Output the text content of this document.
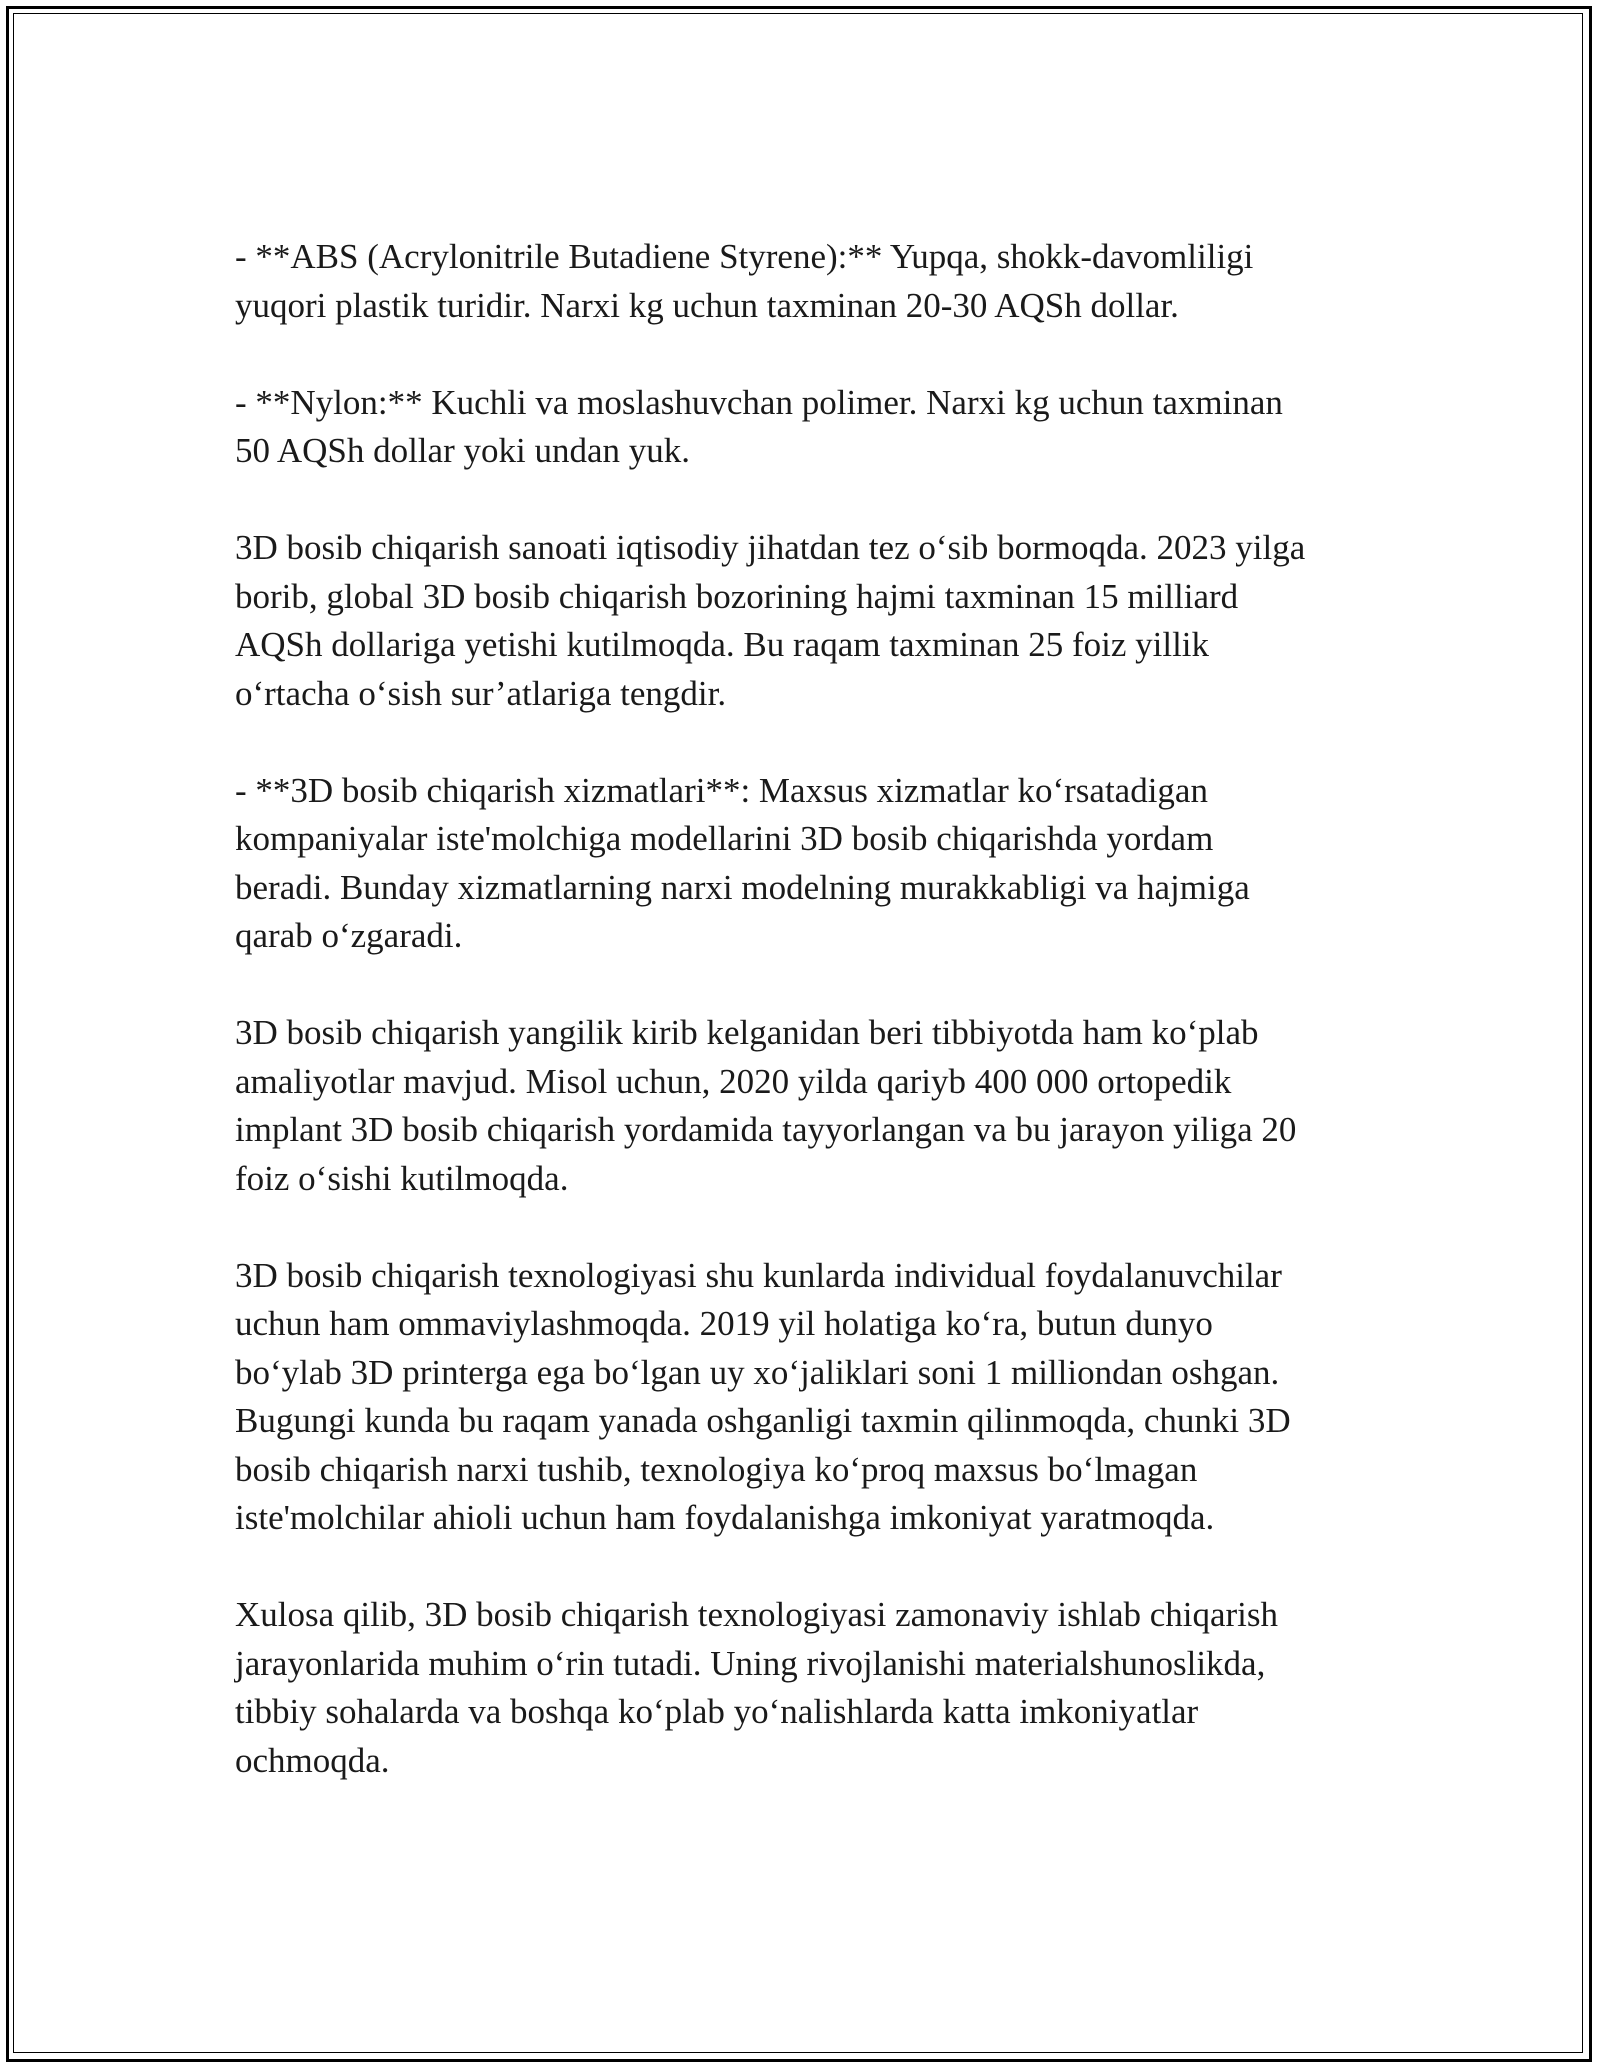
- **ABS (Acrylonitrile Butadiene Styrene):** Yupqa, shokk-davomliligi
yuqori plastik turidir. Narxi kg uchun taxminan 20-30 AQSh dollar.

- **Nylon:** Kuchli va moslashuvchan polimer. Narxi kg uchun taxminan
50 AQSh dollar yoki undan yuk.

3D bosib chiqarish sanoati iqtisodiy jihatdan tez o‘sib bormoqda. 2023 yilga
borib, global 3D bosib chiqarish bozorining hajmi taxminan 15 milliard
AQSh dollariga yetishi kutilmoqda. Bu raqam taxminan 25 foiz yillik
o‘rtacha o‘sish sur’atlariga tengdir.

- **3D bosib chiqarish xizmatlari**: Maxsus xizmatlar ko‘rsatadigan
kompaniyalar iste'molchiga modellarini 3D bosib chiqarishda yordam
beradi. Bunday xizmatlarning narxi modelning murakkabligi va hajmiga
qarab o‘zgaradi.

3D bosib chiqarish yangilik kirib kelganidan beri tibbiyotda ham ko‘plab
amaliyotlar mavjud. Misol uchun, 2020 yilda qariyb 400 000 ortopedik
implant 3D bosib chiqarish yordamida tayyorlangan va bu jarayon yiliga 20
foiz o‘sishi kutilmoqda.

3D bosib chiqarish texnologiyasi shu kunlarda individual foydalanuvchilar
uchun ham ommaviylashmoqda. 2019 yil holatiga ko‘ra, butun dunyo
bo‘ylab 3D printerga ega bo‘lgan uy xo‘jaliklari soni 1 milliondan oshgan.
Bugungi kunda bu raqam yanada oshganligi taxmin qilinmoqda, chunki 3D
bosib chiqarish narxi tushib, texnologiya ko‘proq maxsus bo‘lmagan
iste'molchilar ahioli uchun ham foydalanishga imkoniyat yaratmoqda.

Xulosa qilib, 3D bosib chiqarish texnologiyasi zamonaviy ishlab chiqarish
jarayonlarida muhim o‘rin tutadi. Uning rivojlanishi materialshunoslikda,
tibbiy sohalarda va boshqa ko‘plab yo‘nalishlarda katta imkoniyatlar
ochmoqda.
